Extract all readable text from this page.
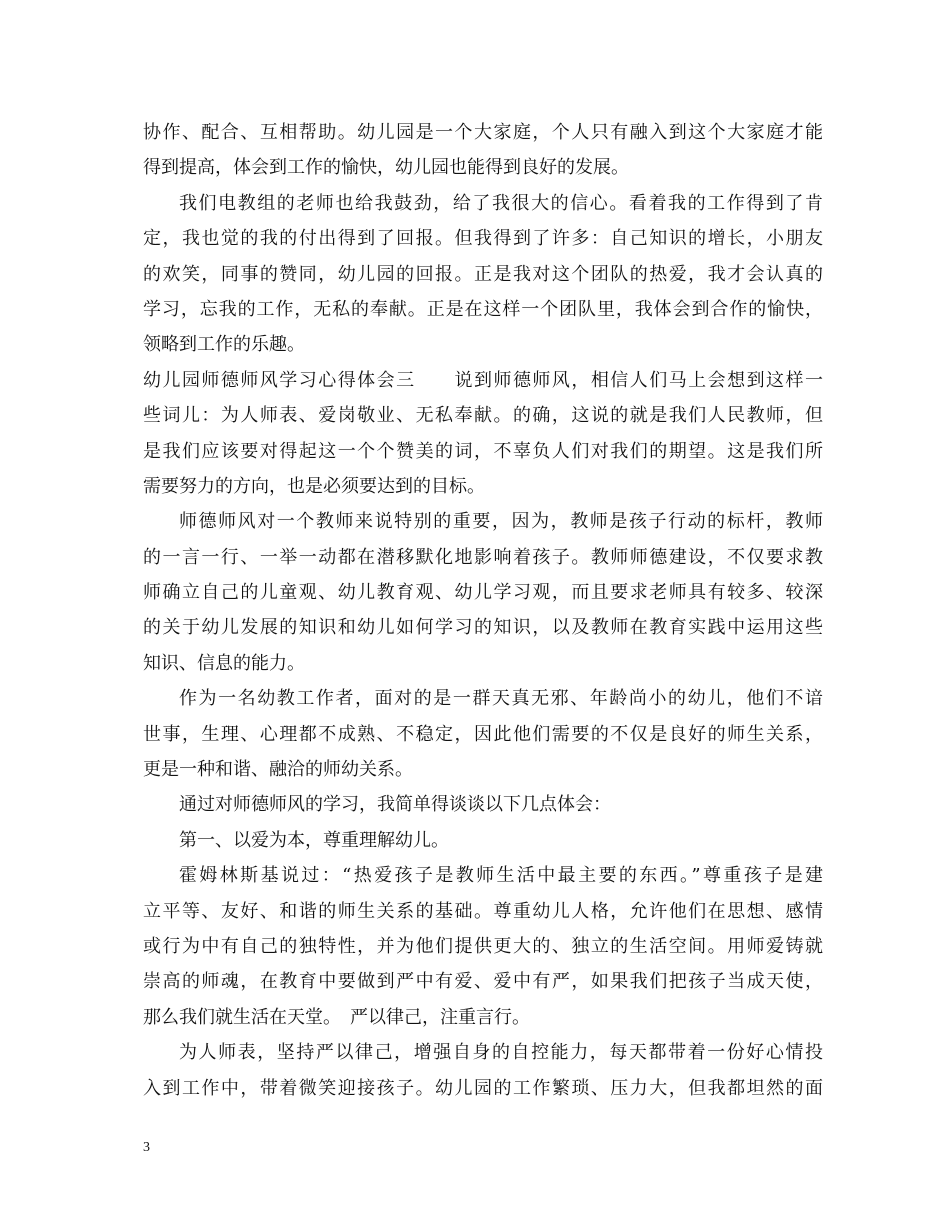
协作、配合、互相帮助。幼儿园是一个大家庭，个人只有融入到这个大家庭才能
得到提高，体会到工作的愉快，幼儿园也能得到良好的发展。
我们电教组的老师也给我鼓劲，给了我很大的信心。看着我的工作得到了肯
定，我也觉的我的付出得到了回报。但我得到了许多：自己知识的增长，小朋友
的欢笑，同事的赞同，幼儿园的回报。正是我对这个团队的热爱，我才会认真的
学习，忘我的工作，无私的奉献。正是在这样一个团队里，我体会到合作的愉快，
领略到工作的乐趣。
幼儿园师德师风学习心得体会三　　说到师德师风，相信人们马上会想到这样一
些词儿：为人师表、爱岗敬业、无私奉献。的确，这说的就是我们人民教师，但
是我们应该要对得起这一个个赞美的词，不辜负人们对我们的期望。这是我们所
需要努力的方向，也是必须要达到的目标。
师德师风对一个教师来说特别的重要，因为，教师是孩子行动的标杆，教师
的一言一行、一举一动都在潜移默化地影响着孩子。教师师德建设，不仅要求教
师确立自己的儿童观、幼儿教育观、幼儿学习观，而且要求老师具有较多、较深
的关于幼儿发展的知识和幼儿如何学习的知识，以及教师在教育实践中运用这些
知识、信息的能力。
作为一名幼教工作者，面对的是一群天真无邪、年龄尚小的幼儿，他们不谙
世事，生理、心理都不成熟、不稳定，因此他们需要的不仅是良好的师生关系，
更是一种和谐、融洽的师幼关系。
通过对师德师风的学习，我简单得谈谈以下几点体会：
第一、以爱为本，尊重理解幼儿。
霍姆林斯基说过：“热爱孩子是教师生活中最主要的东西。”尊重孩子是建
立平等、友好、和谐的师生关系的基础。尊重幼儿人格，允许他们在思想、感情
或行为中有自己的独特性，并为他们提供更大的、独立的生活空间。用师爱铸就
崇高的师魂，在教育中要做到严中有爱、爱中有严，如果我们把孩子当成天使，
那么我们就生活在天堂。　严以律己，注重言行。
为人师表，坚持严以律己，增强自身的自控能力，每天都带着一份好心情投
入到工作中，带着微笑迎接孩子。幼儿园的工作繁琐、压力大，但我都坦然的面
3
